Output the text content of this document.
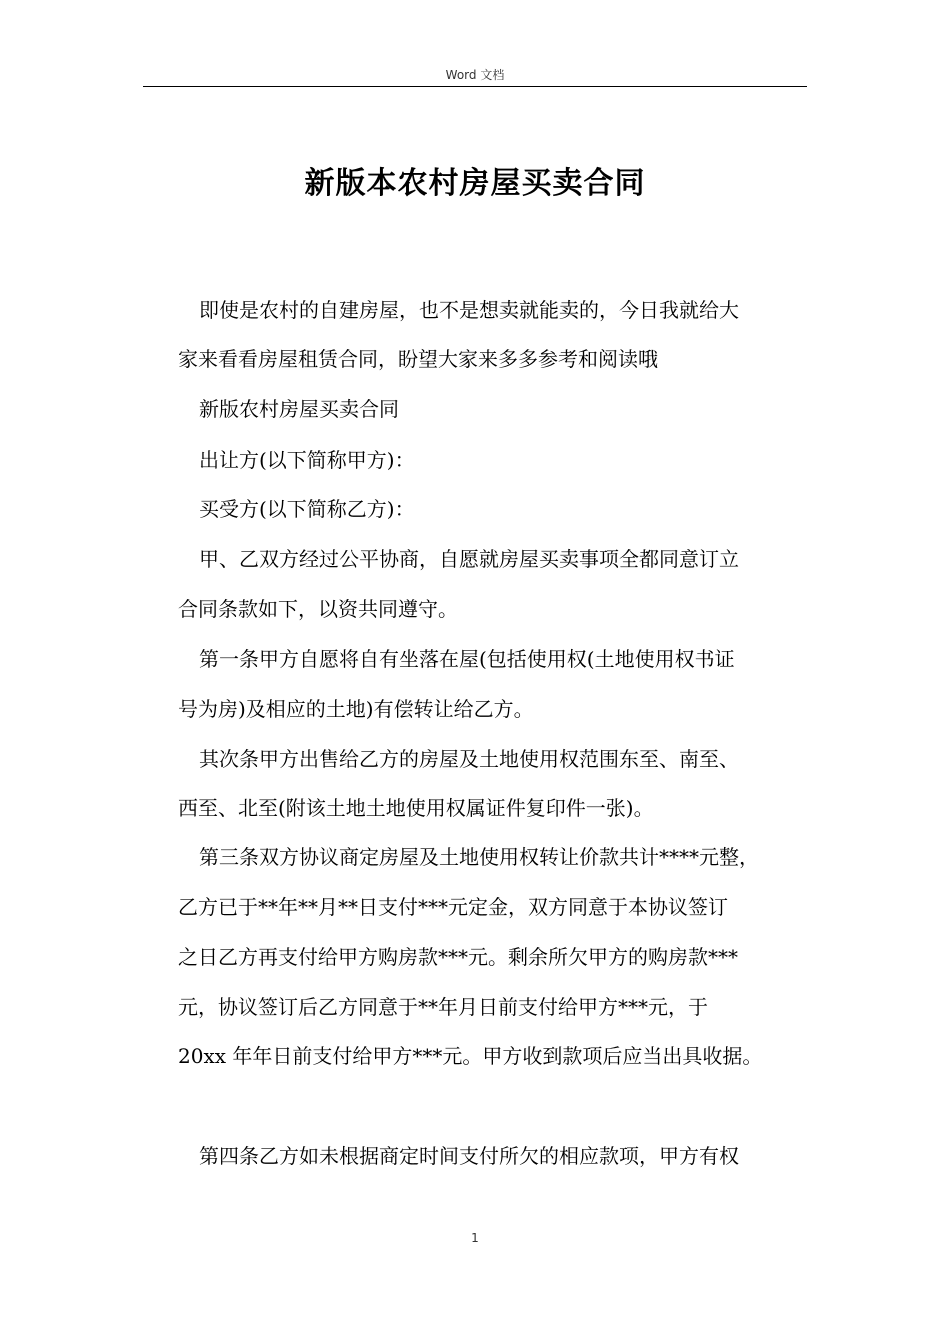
Word 文档
新版本农村房屋买卖合同

即使是农村的自建房屋，也不是想卖就能卖的，今日我就给大

家来看看房屋租赁合同，盼望大家来多多参考和阅读哦

新版农村房屋买卖合同

出让方(以下简称甲方)：

买受方(以下简称乙方)：

甲、乙双方经过公平协商，自愿就房屋买卖事项全都同意订立

合同条款如下，以资共同遵守。

第一条甲方自愿将自有坐落在屋(包括使用权(土地使用权书证

号为房)及相应的土地)有偿转让给乙方。

其次条甲方出售给乙方的房屋及土地使用权范围东至、南至、

西至、北至(附该土地土地使用权属证件复印件一张)。

第三条双方协议商定房屋及土地使用权转让价款共计****元整，

乙方已于**年**月**日支付***元定金，双方同意于本协议签订

之日乙方再支付给甲方购房款***元。剩余所欠甲方的购房款***

元，协议签订后乙方同意于**年月日前支付给甲方***元，于

20xx 年年日前支付给甲方***元。甲方收到款项后应当出具收据。

第四条乙方如未根据商定时间支付所欠的相应款项，甲方有权

1
